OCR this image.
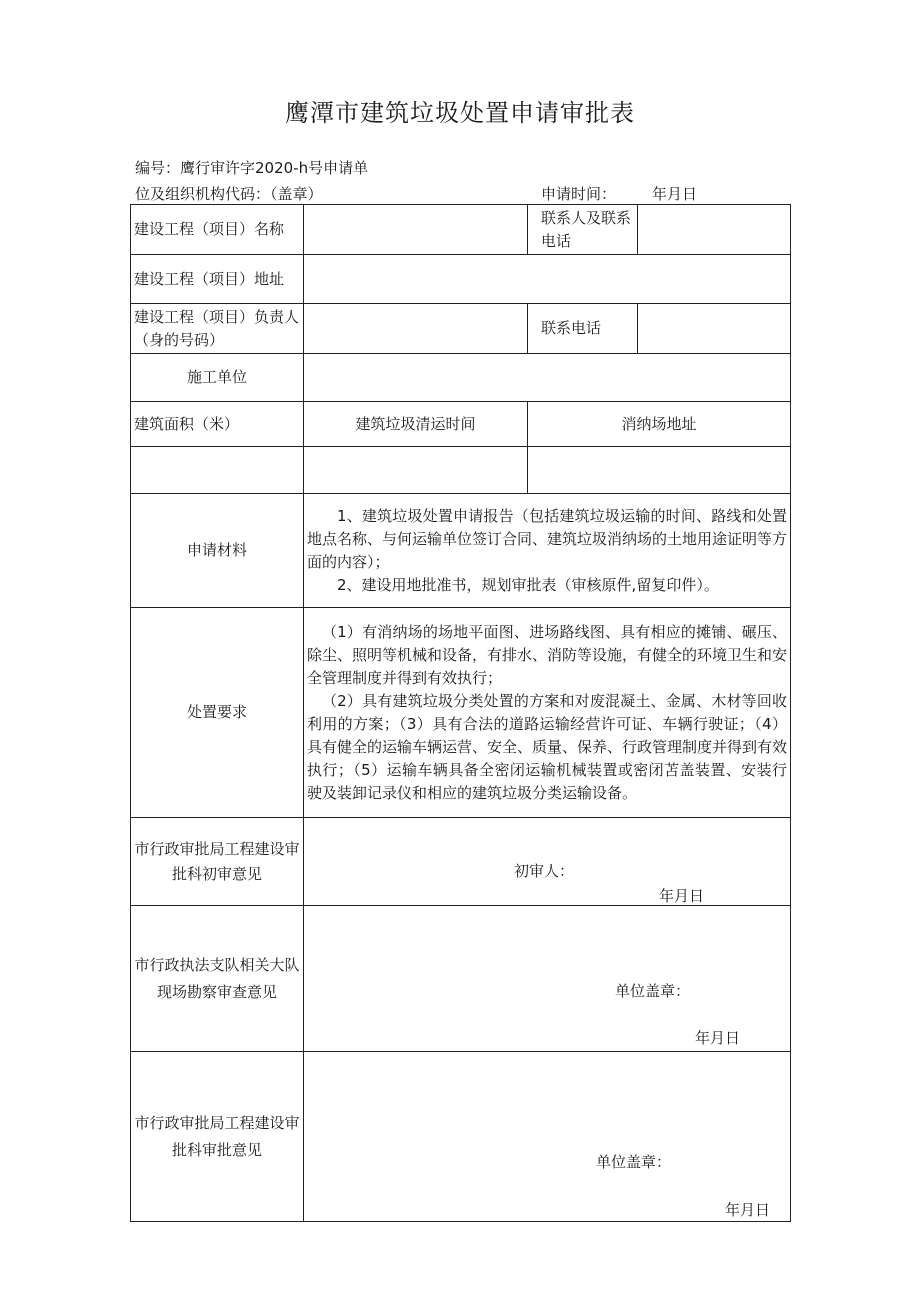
鹰潭市建筑垃圾处置申请审批表
编号：鹰行审许字2020-h号申请单
位及组织机构代码：（盖章）	申请时间： 年月日
建设工程（项目）名称		联系人及联系电话	
建设工程（项目）地址			
建设工程（项目）负责人（身的号码）		联系电话	
施工单位			
建筑面积（米）	建筑垃圾清运时间	消纳场地址	

申请材料	1、建筑垃圾处置申请报告（包括建筑垃圾运输的时间、路线和处置地点名称、与何运输单位签订合同、建筑垃圾消纳场的土地用途证明等方面的内容）；
2、建设用地批准书，规划审批表（审核原件,留复印件）。		

处置要求	（1）有消纳场的场地平面图、进场路线图、具有相应的摊铺、碾压、除尘、照明等机械和设备，有排水、消防等设施，有健全的环境卫生和安全管理制度并得到有效执行；
（2）具有建筑垃圾分类处置的方案和对废混凝土、金属、木材等回收利用的方案；（3）具有合法的道路运输经营许可证、车辆行驶证；（4）具有健全的运输车辆运营、安全、质量、保养、行政管理制度并得到有效执行；（5）运输车辆具备全密闭运输机械装置或密闭苫盖装置、安装行驶及装卸记录仪和相应的建筑垃圾分类运输设备。		

市行政审批局工程建设审批科初审意见	初审人：
年月日		

市行政执法支队相关大队现场勘察审查意见	单位盖章：
年月日		

市行政审批局工程建设审批科审批意见	单位盖章：
年月日		
